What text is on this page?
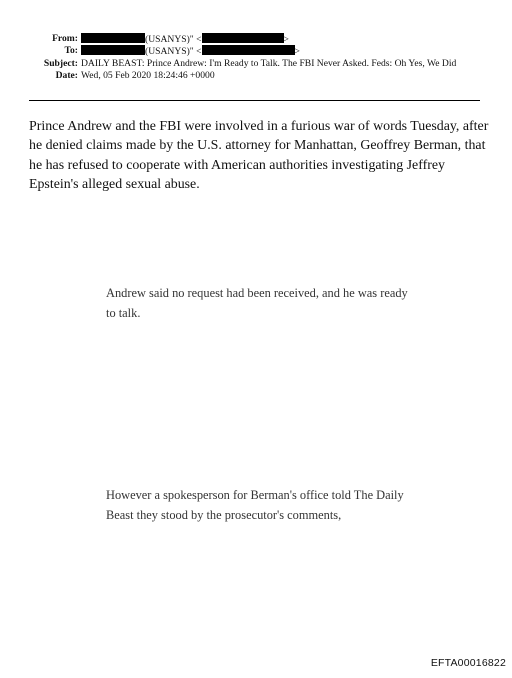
From:	(USANYS)" <	>
To:	(USANYS)" <	>
Subject: DAILY BEAST: Prince Andrew: I'm Ready to Talk. The FBI Never Asked. Feds: Oh Yes, We Did
Date: Wed, 05 Feb 2020 18:24:46 +0000

Prince Andrew and the FBI were involved in a furious war of words Tuesday, after he denied claims made by the U.S. attorney for Manhattan, Geoffrey Berman, that he has refused to cooperate with American authorities investigating Jeffrey Epstein's alleged sexual abuse.

Andrew said no request had been received, and he was ready to talk.

However a spokesperson for Berman's office told The Daily Beast they stood by the prosecutor's comments,

EFTA00016822
